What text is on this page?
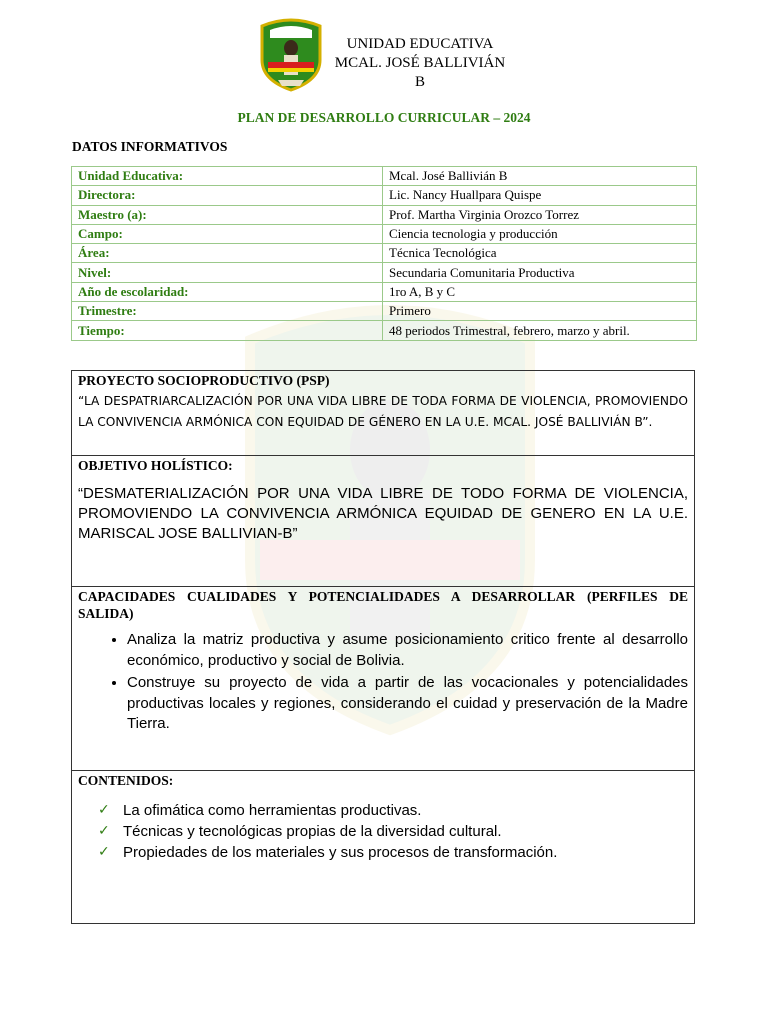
UNIDAD EDUCATIVA
MCAL. JOSÉ BALLIVIÁN B
PLAN DE DESARROLLO CURRICULAR – 2024
DATOS INFORMATIVOS
Unidad Educativa:	Mcal. José Ballivián B
Directora:	Lic. Nancy Huallpara Quispe
Maestro (a):	Prof. Martha Virginia Orozco Torrez
Campo:	Ciencia tecnologia y producción
Área:	Técnica Tecnológica
Nivel:	Secundaria Comunitaria Productiva
Año de escolaridad:	1ro A, B y C
Trimestre:	Primero
Tiempo:	48 periodos Trimestral, febrero, marzo y abril.
PROYECTO SOCIOPRODUCTIVO (PSP)
“LA DESPATRIARCALIZACIÓN POR UNA VIDA LIBRE DE TODA FORMA DE VIOLENCIA, PROMOVIENDO LA CONVIVENCIA ARMÓNICA CON EQUIDAD DE GÉNERO EN LA U.E. MCAL. JOSÉ BALLIVIÁN B”.
OBJETIVO HOLÍSTICO:
“DESMATERIALIZACIÓN POR UNA VIDA LIBRE DE TODO FORMA DE VIOLENCIA, PROMOVIENDO LA CONVIVENCIA ARMÓNICA EQUIDAD DE GENERO EN LA U.E. MARISCAL JOSE BALLIVIAN-B”
CAPACIDADES CUALIDADES Y POTENCIALIDADES A DESARROLLAR (PERFILES DE SALIDA)
• Analiza la matriz productiva y asume posicionamiento critico frente al desarrollo económico, productivo y social de Bolivia.
• Construye su proyecto de vida a partir de las vocacionales y potencialidades productivas locales y regiones, considerando el cuidad y preservación de la Madre Tierra.
CONTENIDOS:
✓ La ofimática como herramientas productivas.
✓ Técnicas y tecnológicas propias de la diversidad cultural.
✓ Propiedades de los materiales y sus procesos de transformación.
